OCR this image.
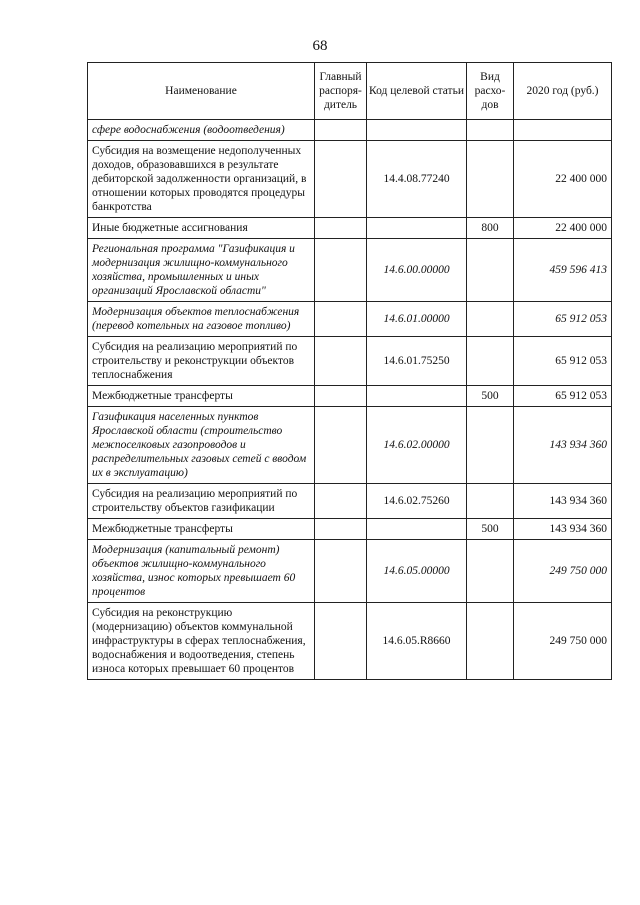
68
Наименование	Главный распоря-дитель	Код целевой статьи	Вид расхо-дов	2020 год (руб.)
сфере водоснабжения (водоотведения)				
Субсидия на возмещение недополученных доходов, образовавшихся в результате дебиторской задолженности организаций, в отношении которых проводятся процедуры банкротства		14.4.08.77240		22 400 000
Иные бюджетные ассигнования			800	22 400 000
Региональная программа "Газификация и модернизация жилищно-коммунального хозяйства, промышленных и иных организаций Ярославской области"		14.6.00.00000		459 596 413
Модернизация объектов теплоснабжения (перевод котельных на газовое топливо)		14.6.01.00000		65 912 053
Субсидия на реализацию мероприятий по строительству и реконструкции объектов теплоснабжения		14.6.01.75250		65 912 053
Межбюджетные трансферты			500	65 912 053
Газификация населенных пунктов Ярославской области (строительство межпоселковых газопроводов и распределительных газовых сетей с вводом их в эксплуатацию)		14.6.02.00000		143 934 360
Субсидия на реализацию мероприятий по строительству объектов газификации		14.6.02.75260		143 934 360
Межбюджетные трансферты			500	143 934 360
Модернизация (капитальный ремонт) объектов жилищно-коммунального хозяйства, износ которых превышает 60 процентов		14.6.05.00000		249 750 000
Субсидия на реконструкцию (модернизацию) объектов коммунальной инфраструктуры в сферах теплоснабжения, водоснабжения и водоотведения, степень износа которых превышает 60 процентов		14.6.05.R8660		249 750 000
